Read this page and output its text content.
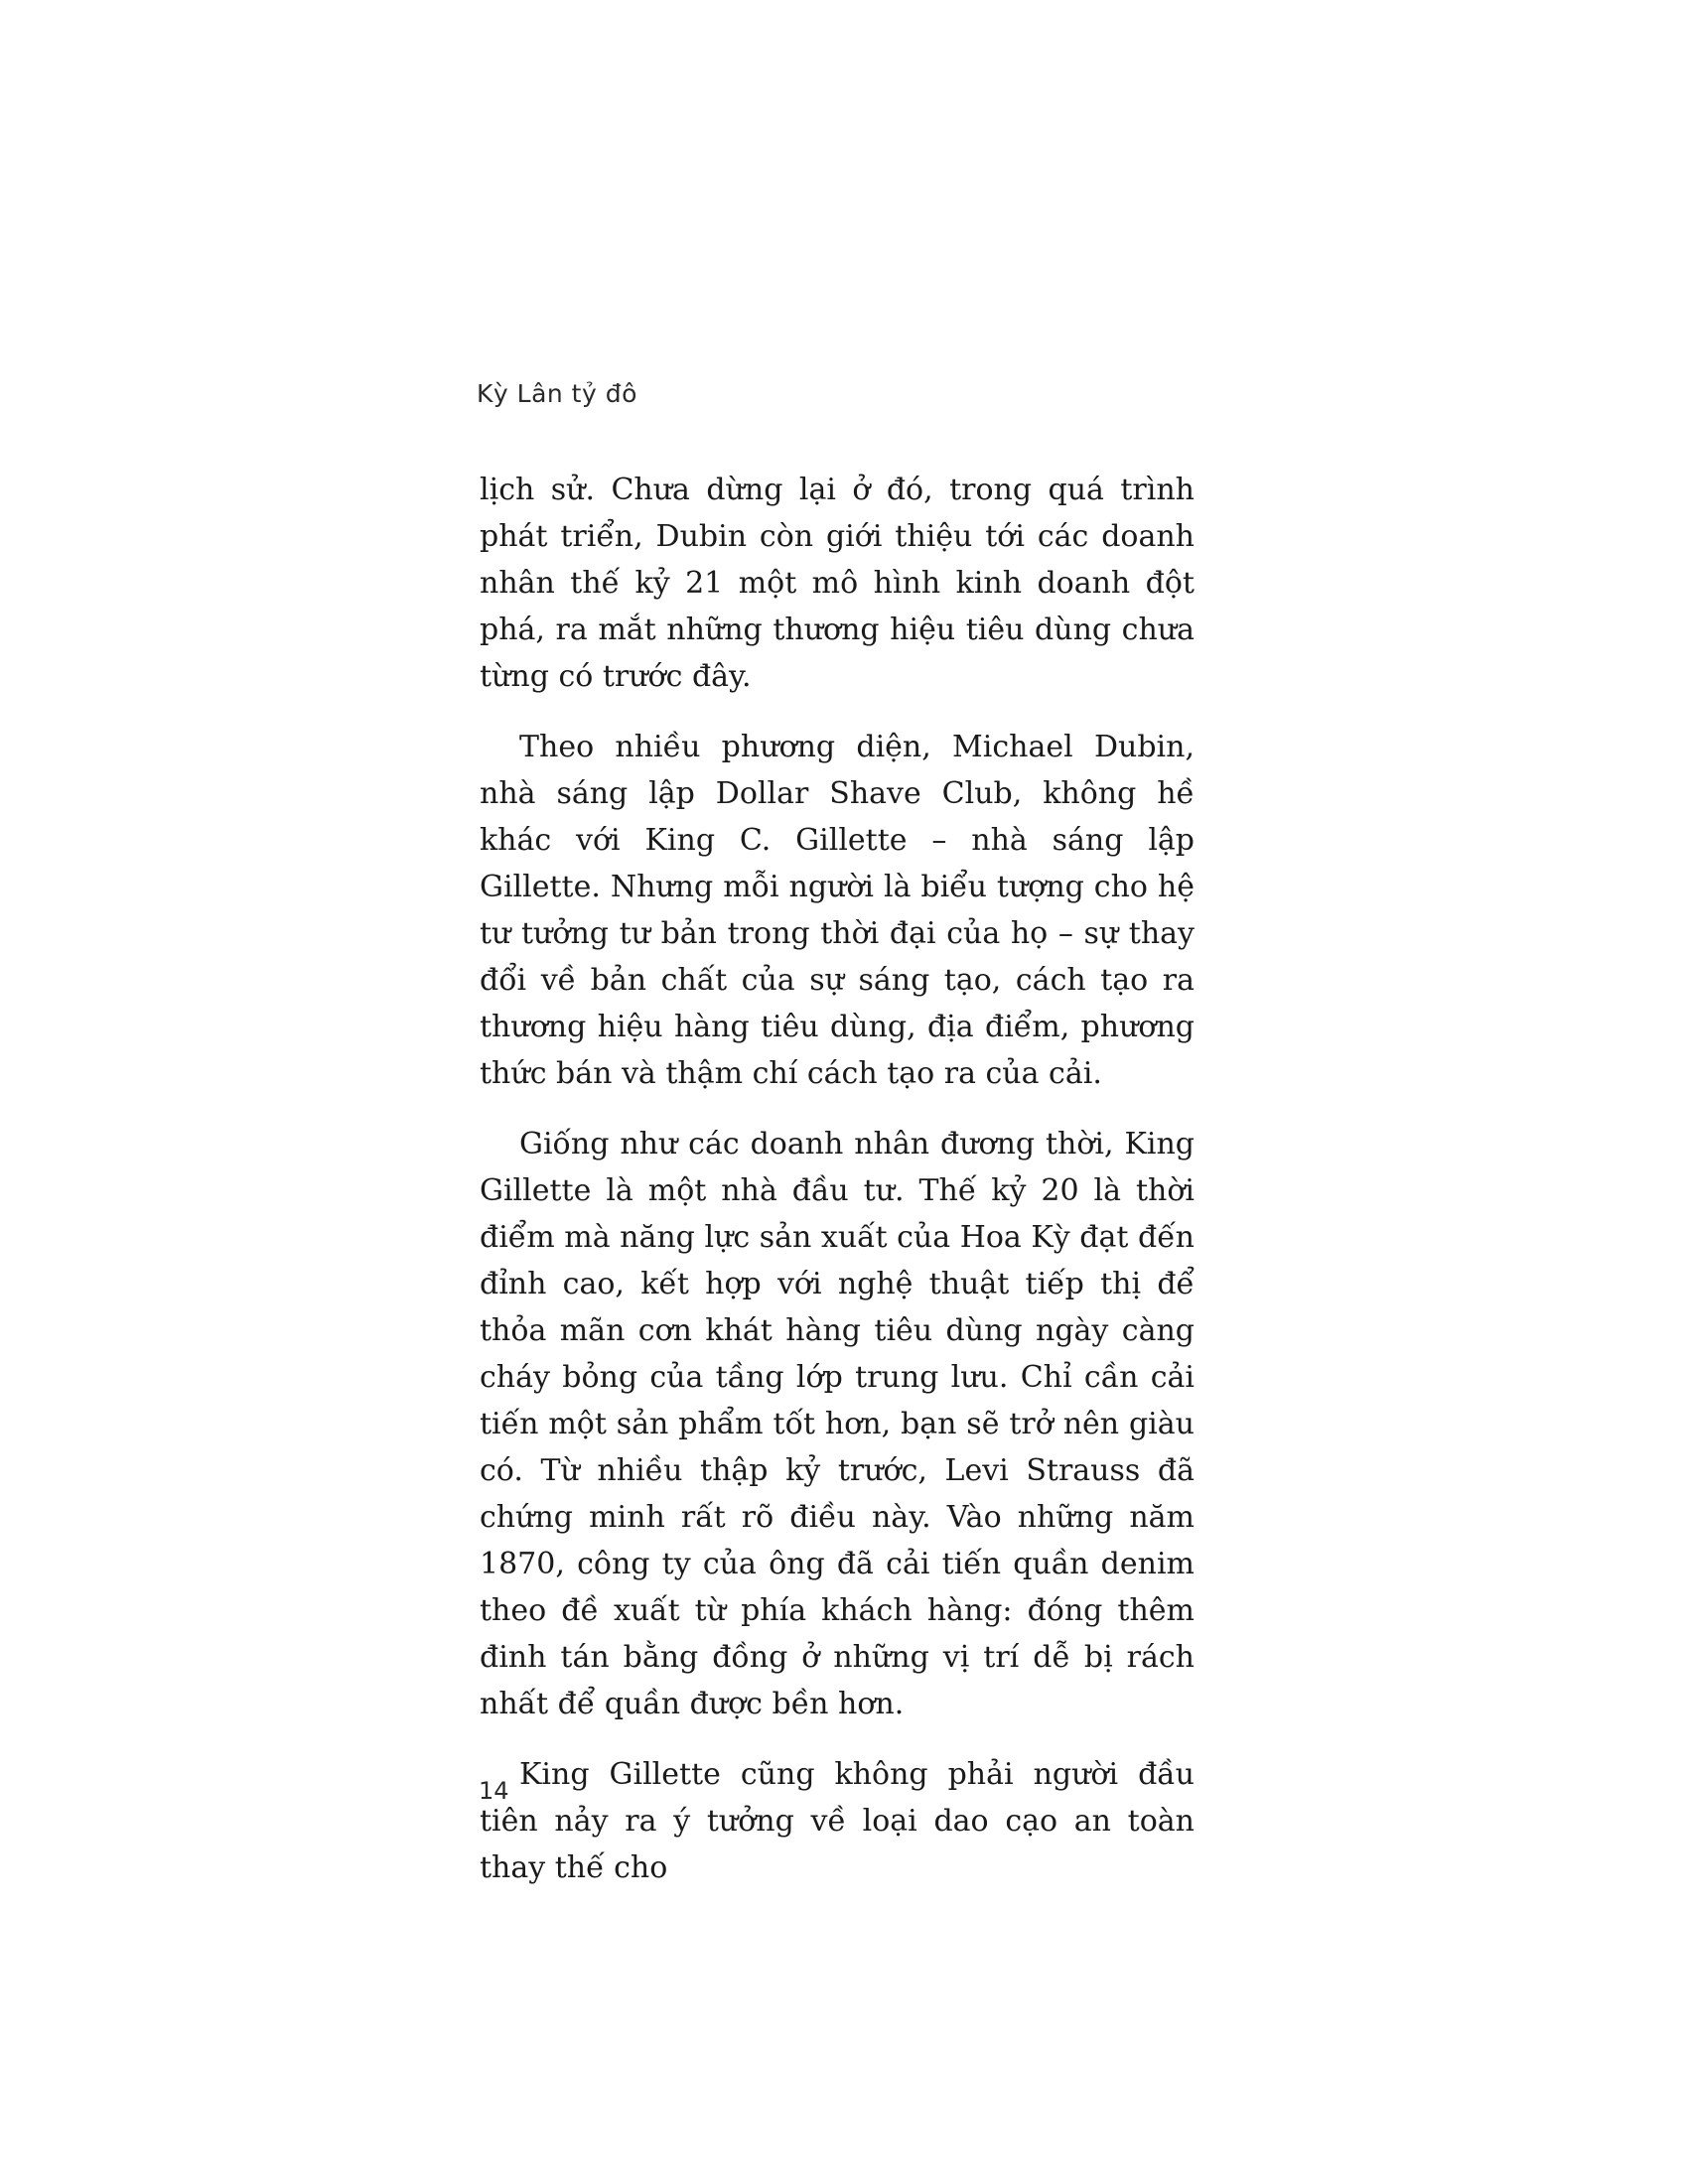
Kỳ Lân tỷ đô

lịch sử. Chưa dừng lại ở đó, trong quá trình phát triển, Dubin còn giới thiệu tới các doanh nhân thế kỷ 21 một mô hình kinh doanh đột phá, ra mắt những thương hiệu tiêu dùng chưa từng có trước đây.

Theo nhiều phương diện, Michael Dubin, nhà sáng lập Dollar Shave Club, không hề khác với King C. Gillette – nhà sáng lập Gillette. Nhưng mỗi người là biểu tượng cho hệ tư tưởng tư bản trong thời đại của họ – sự thay đổi về bản chất của sự sáng tạo, cách tạo ra thương hiệu hàng tiêu dùng, địa điểm, phương thức bán và thậm chí cách tạo ra của cải.

Giống như các doanh nhân đương thời, King Gillette là một nhà đầu tư. Thế kỷ 20 là thời điểm mà năng lực sản xuất của Hoa Kỳ đạt đến đỉnh cao, kết hợp với nghệ thuật tiếp thị để thỏa mãn cơn khát hàng tiêu dùng ngày càng cháy bỏng của tầng lớp trung lưu. Chỉ cần cải tiến một sản phẩm tốt hơn, bạn sẽ trở nên giàu có. Từ nhiều thập kỷ trước, Levi Strauss đã chứng minh rất rõ điều này. Vào những năm 1870, công ty của ông đã cải tiến quần denim theo đề xuất từ phía khách hàng: đóng thêm đinh tán bằng đồng ở những vị trí dễ bị rách nhất để quần được bền hơn.

King Gillette cũng không phải người đầu tiên nảy ra ý tưởng về loại dao cạo an toàn thay thế cho

14
